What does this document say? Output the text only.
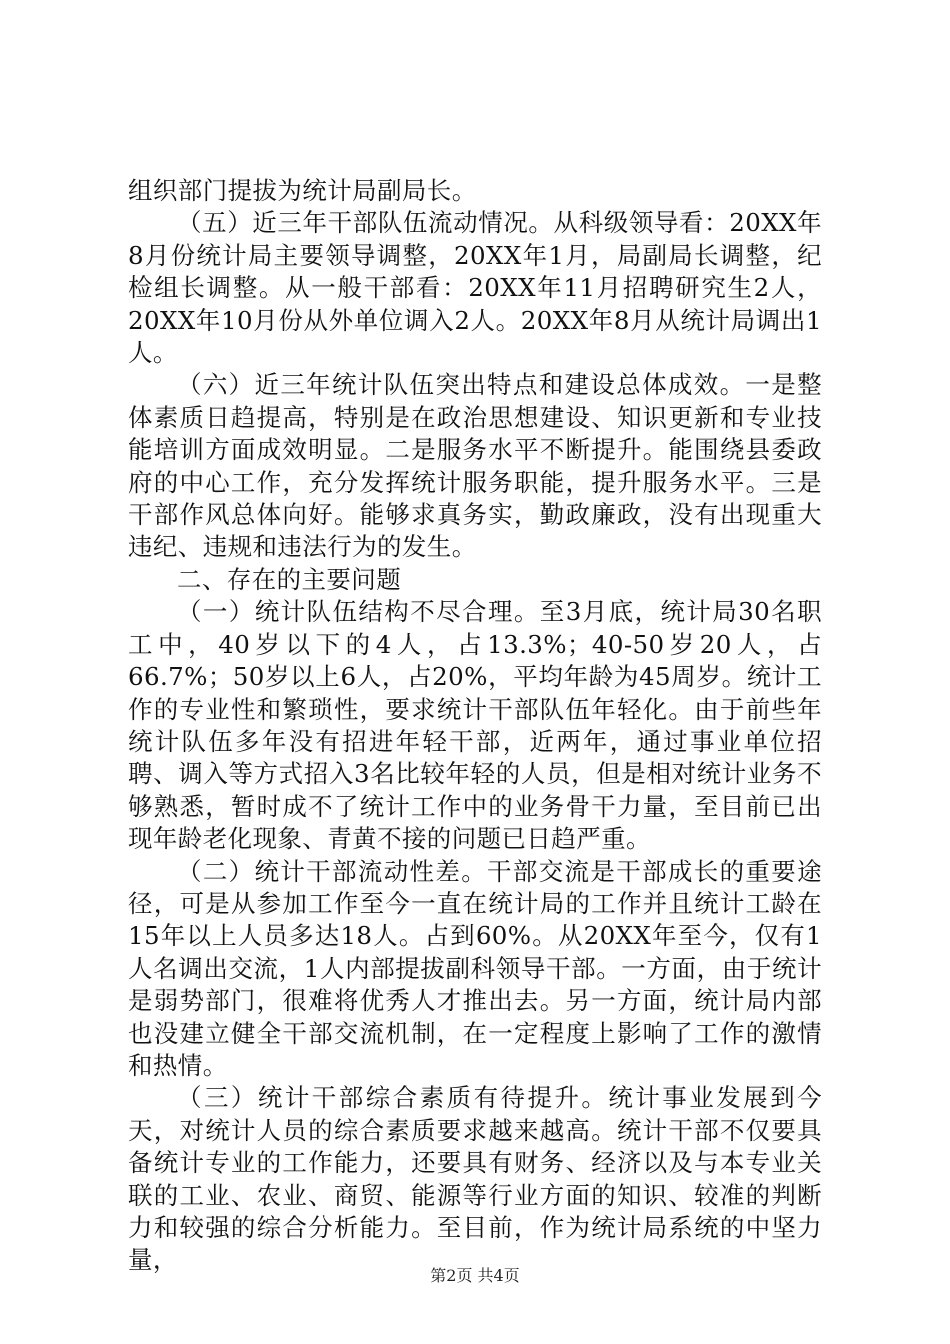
组织部门提拔为统计局副局长。

（五）近三年干部队伍流动情况。从科级领导看：20XX年8月份统计局主要领导调整，20XX年1月，局副局长调整，纪检组长调整。从一般干部看：20XX年11月招聘研究生2人，20XX年10月份从外单位调入2人。20XX年8月从统计局调出1人。

（六）近三年统计队伍突出特点和建设总体成效。一是整体素质日趋提高，特别是在政治思想建设、知识更新和专业技能培训方面成效明显。二是服务水平不断提升。能围绕县委政府的中心工作，充分发挥统计服务职能，提升服务水平。三是干部作风总体向好。能够求真务实，勤政廉政，没有出现重大违纪、违规和违法行为的发生。

二、存在的主要问题

（一）统计队伍结构不尽合理。至3月底，统计局30名职工中，40岁以下的4人，占13.3%；40-50岁20人，占66.7%；50岁以上6人，占20%，平均年龄为45周岁。统计工作的专业性和繁琐性，要求统计干部队伍年轻化。由于前些年统计队伍多年没有招进年轻干部，近两年，通过事业单位招聘、调入等方式招入3名比较年轻的人员，但是相对统计业务不够熟悉，暂时成不了统计工作中的业务骨干力量，至目前已出现年龄老化现象、青黄不接的问题已日趋严重。

（二）统计干部流动性差。干部交流是干部成长的重要途径，可是从参加工作至今一直在统计局的工作并且统计工龄在15年以上人员多达18人。占到60%。从20XX年至今，仅有1人名调出交流，1人内部提拔副科领导干部。一方面，由于统计是弱势部门，很难将优秀人才推出去。另一方面，统计局内部也没建立健全干部交流机制，在一定程度上影响了工作的激情和热情。

（三）统计干部综合素质有待提升。统计事业发展到今天，对统计人员的综合素质要求越来越高。统计干部不仅要具备统计专业的工作能力，还要具有财务、经济以及与本专业关联的工业、农业、商贸、能源等行业方面的知识、较准的判断力和较强的综合分析能力。至目前，作为统计局系统的中坚力量，

第2页 共4页
